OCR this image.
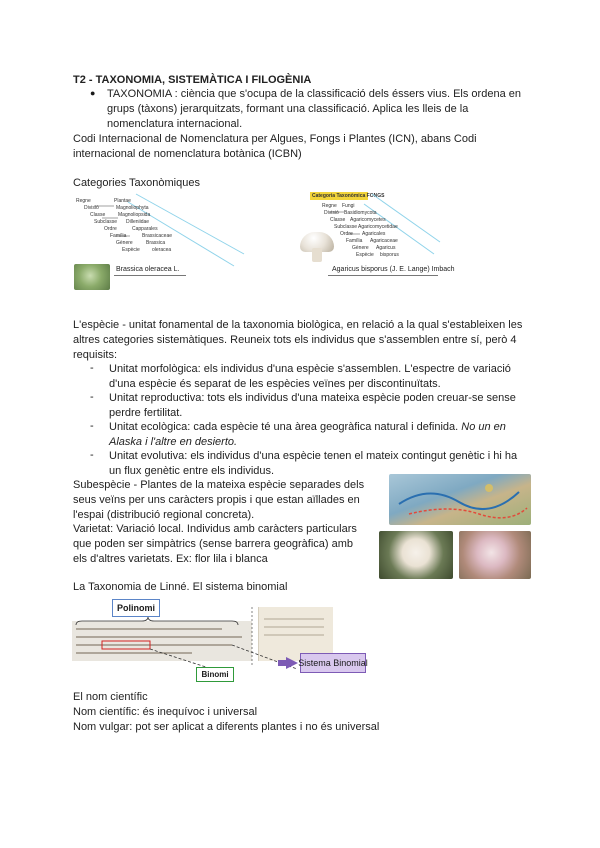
T2 - TAXONOMIA, SISTEMÀTICA I FILOGÈNIA
● TAXONOMIA : ciència que s'ocupa de la classificació dels éssers vius. Els ordena en
grups (tàxons) jerarquitzats, formant una classificació. Aplica les lleis de la
nomenclatura internacional.
Codi Internacional de Nomenclatura per Algues, Fongs i Plantes (ICN), abans Codi
internacional de nomenclatura botànica (ICBN)
Categories Taxonòmiques
Regne	Plantae
Divisió	Magnoliophyta
Classe	Magnoliopsida
Subclasse Dilleniidae
Ordre	Capparales
Família	Brassicaceae
Gènere	Brassica
Espècie oleracea
Brassica oleracea L.
Categoria Taxonòmica FONGS
Regne Fungi
Divisió Basidiomycota
Classe Agaricomycetes
Subclasse Agaricomycetidae
Ordre Agaricales
Família Agaricaceae
Gènere Agaricus
Espècie bisporus
Agaricus bisporus (J. E. Lange) Imbach
L'espècie - unitat fonamental de la taxonomia biològica, en relació a la qual s'estableixen les
altres categories sistemàtiques. Reuneix tots els individus que s'assemblen entre sí, però 4
requisits:
- Unitat morfològica: els individus d'una espècie s'assemblen. L'espectre de variació
d'una espècie és separat de les espècies veïnes per discontinuïtats.
- Unitat reproductiva: tots els individus d'una mateixa espècie poden creuar-se sense
perdre fertilitat.
- Unitat ecològica: cada espècie té una àrea geogràfica natural i definida. No un en
Alaska i l'altre en desierto.
- Unitat evolutiva: els individus d'una espècie tenen el mateix contingut genètic i hi ha
un flux genètic entre els individus.
Subespècie - Plantes de la mateixa espècie separades dels
seus veïns per uns caràcters propis i que estan aïllades en
l'espai (distribució regional concreta).
Varietat: Variació local. Individus amb caràcters particulars
que poden ser simpàtrics (sense barrera geogràfica) amb
els d'altres varietats. Ex: flor lila i blanca
La Taxonomia de Linné. El sistema binomial
Polinomi
Binomi
Sistema Binomial
El nom científic
Nom científic: és inequívoc i universal
Nom vulgar: pot ser aplicat a diferents plantes i no és universal
